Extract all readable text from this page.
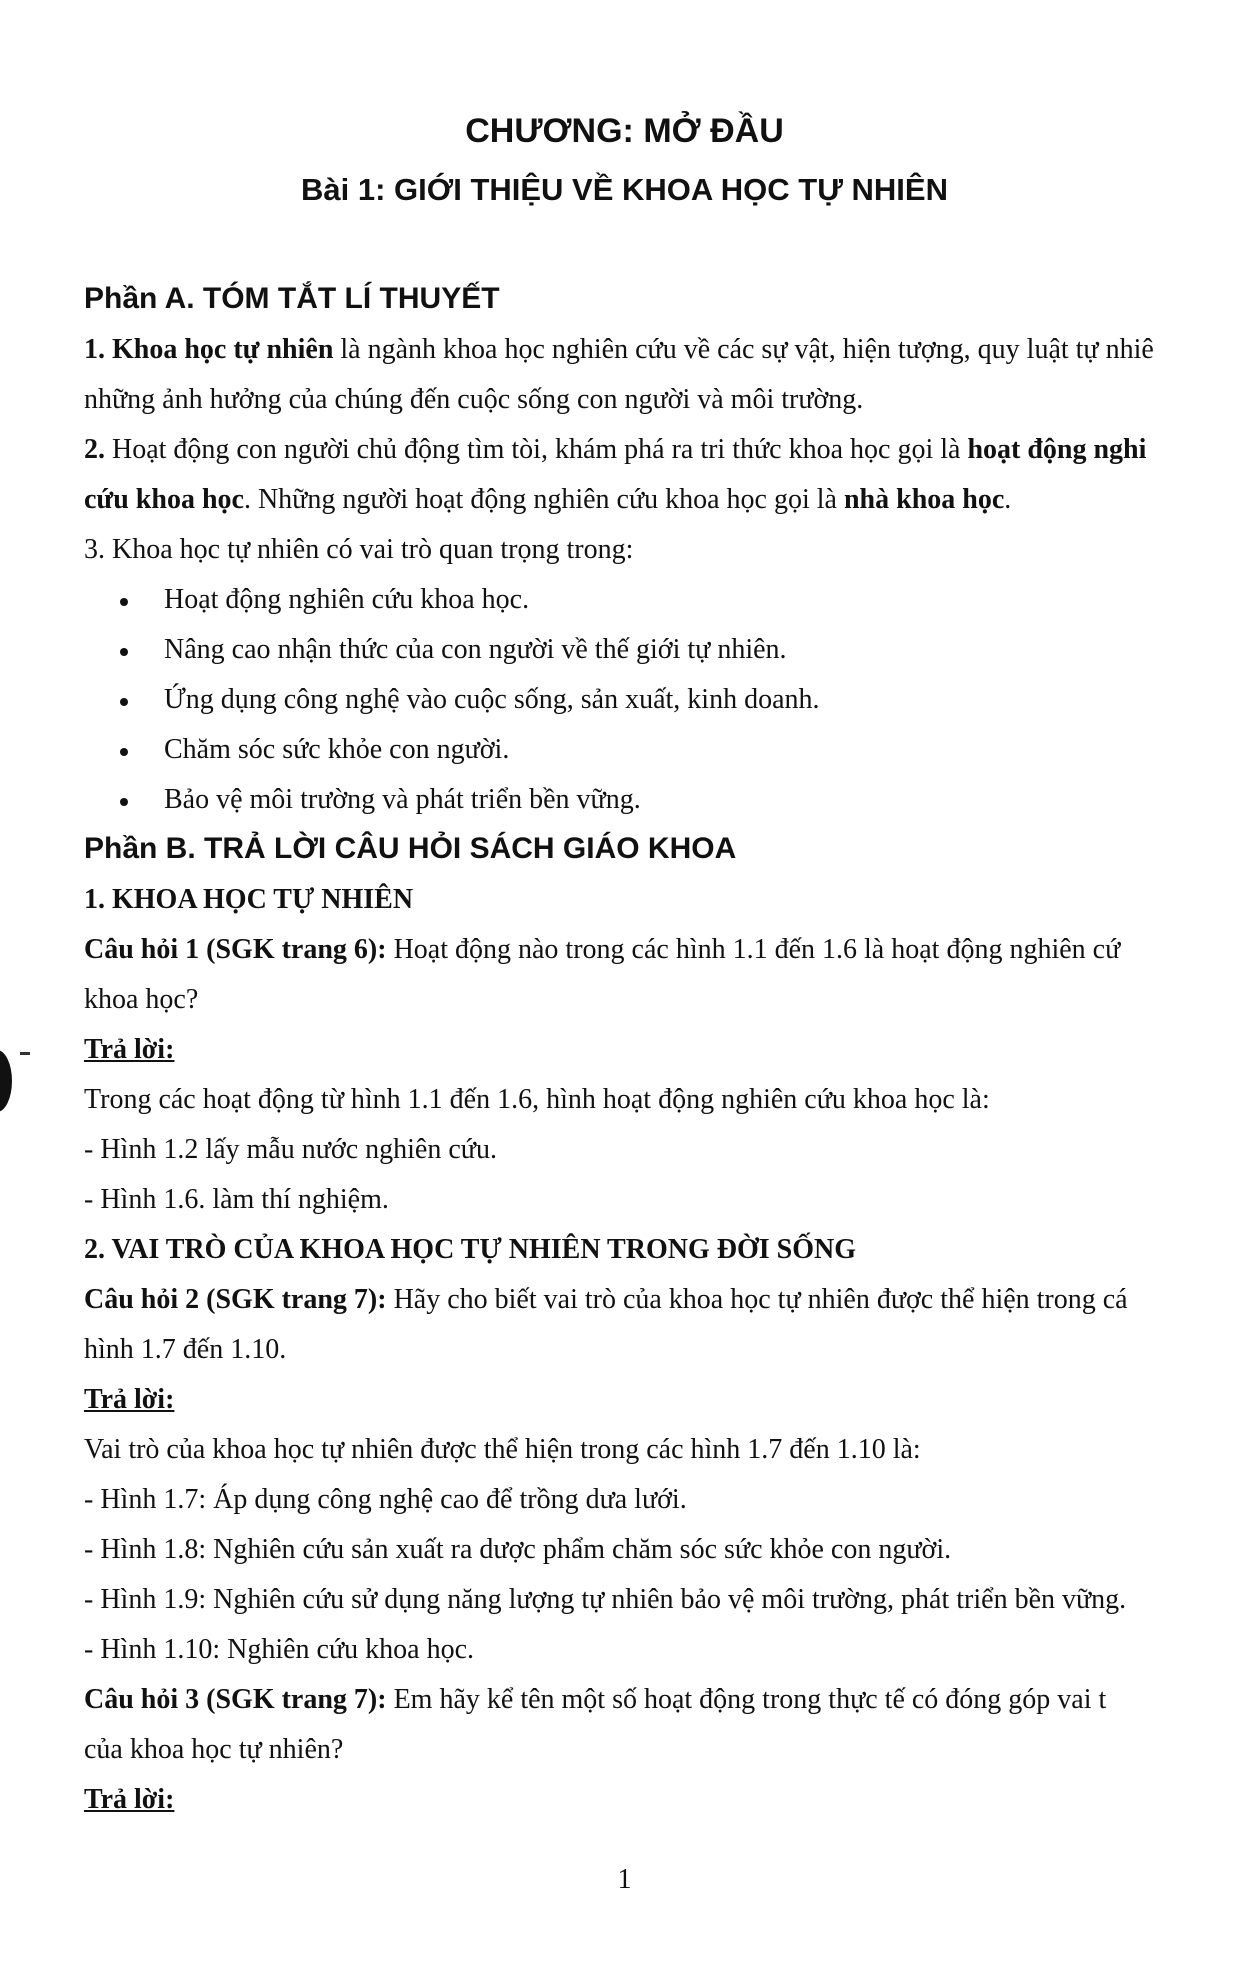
CHƯƠNG: MỞ ĐẦU
Bài 1: GIỚI THIỆU VỀ KHOA HỌC TỰ NHIÊN
Phần A. TÓM TẮT LÍ THUYẾT
1. Khoa học tự nhiên là ngành khoa học nghiên cứu về các sự vật, hiện tượng, quy luật tự nhiê
những ảnh hưởng của chúng đến cuộc sống con người và môi trường.
2. Hoạt động con người chủ động tìm tòi, khám phá ra tri thức khoa học gọi là hoạt động nghi
cứu khoa học. Những người hoạt động nghiên cứu khoa học gọi là nhà khoa học.
3. Khoa học tự nhiên có vai trò quan trọng trong:
Hoạt động nghiên cứu khoa học.
Nâng cao nhận thức của con người về thế giới tự nhiên.
Ứng dụng công nghệ vào cuộc sống, sản xuất, kinh doanh.
Chăm sóc sức khỏe con người.
Bảo vệ môi trường và phát triển bền vững.
Phần B. TRẢ LỜI CÂU HỎI SÁCH GIÁO KHOA
1. KHOA HỌC TỰ NHIÊN
Câu hỏi 1 (SGK trang 6): Hoạt động nào trong các hình 1.1 đến 1.6 là hoạt động nghiên cứ
khoa học?
Trả lời:
Trong các hoạt động từ hình 1.1 đến 1.6, hình hoạt động nghiên cứu khoa học là:
- Hình 1.2 lấy mẫu nước nghiên cứu.
- Hình 1.6. làm thí nghiệm.
2. VAI TRÒ CỦA KHOA HỌC TỰ NHIÊN TRONG ĐỜI SỐNG
Câu hỏi 2 (SGK trang 7): Hãy cho biết vai trò của khoa học tự nhiên được thể hiện trong cá
hình 1.7 đến 1.10.
Trả lời:
Vai trò của khoa học tự nhiên được thể hiện trong các hình 1.7 đến 1.10 là:
- Hình 1.7: Áp dụng công nghệ cao để trồng dưa lưới.
- Hình 1.8: Nghiên cứu sản xuất ra dược phẩm chăm sóc sức khỏe con người.
- Hình 1.9: Nghiên cứu sử dụng năng lượng tự nhiên bảo vệ môi trường, phát triển bền vững.
- Hình 1.10: Nghiên cứu khoa học.
Câu hỏi 3 (SGK trang 7): Em hãy kể tên một số hoạt động trong thực tế có đóng góp vai t
của khoa học tự nhiên?
Trả lời:
1
